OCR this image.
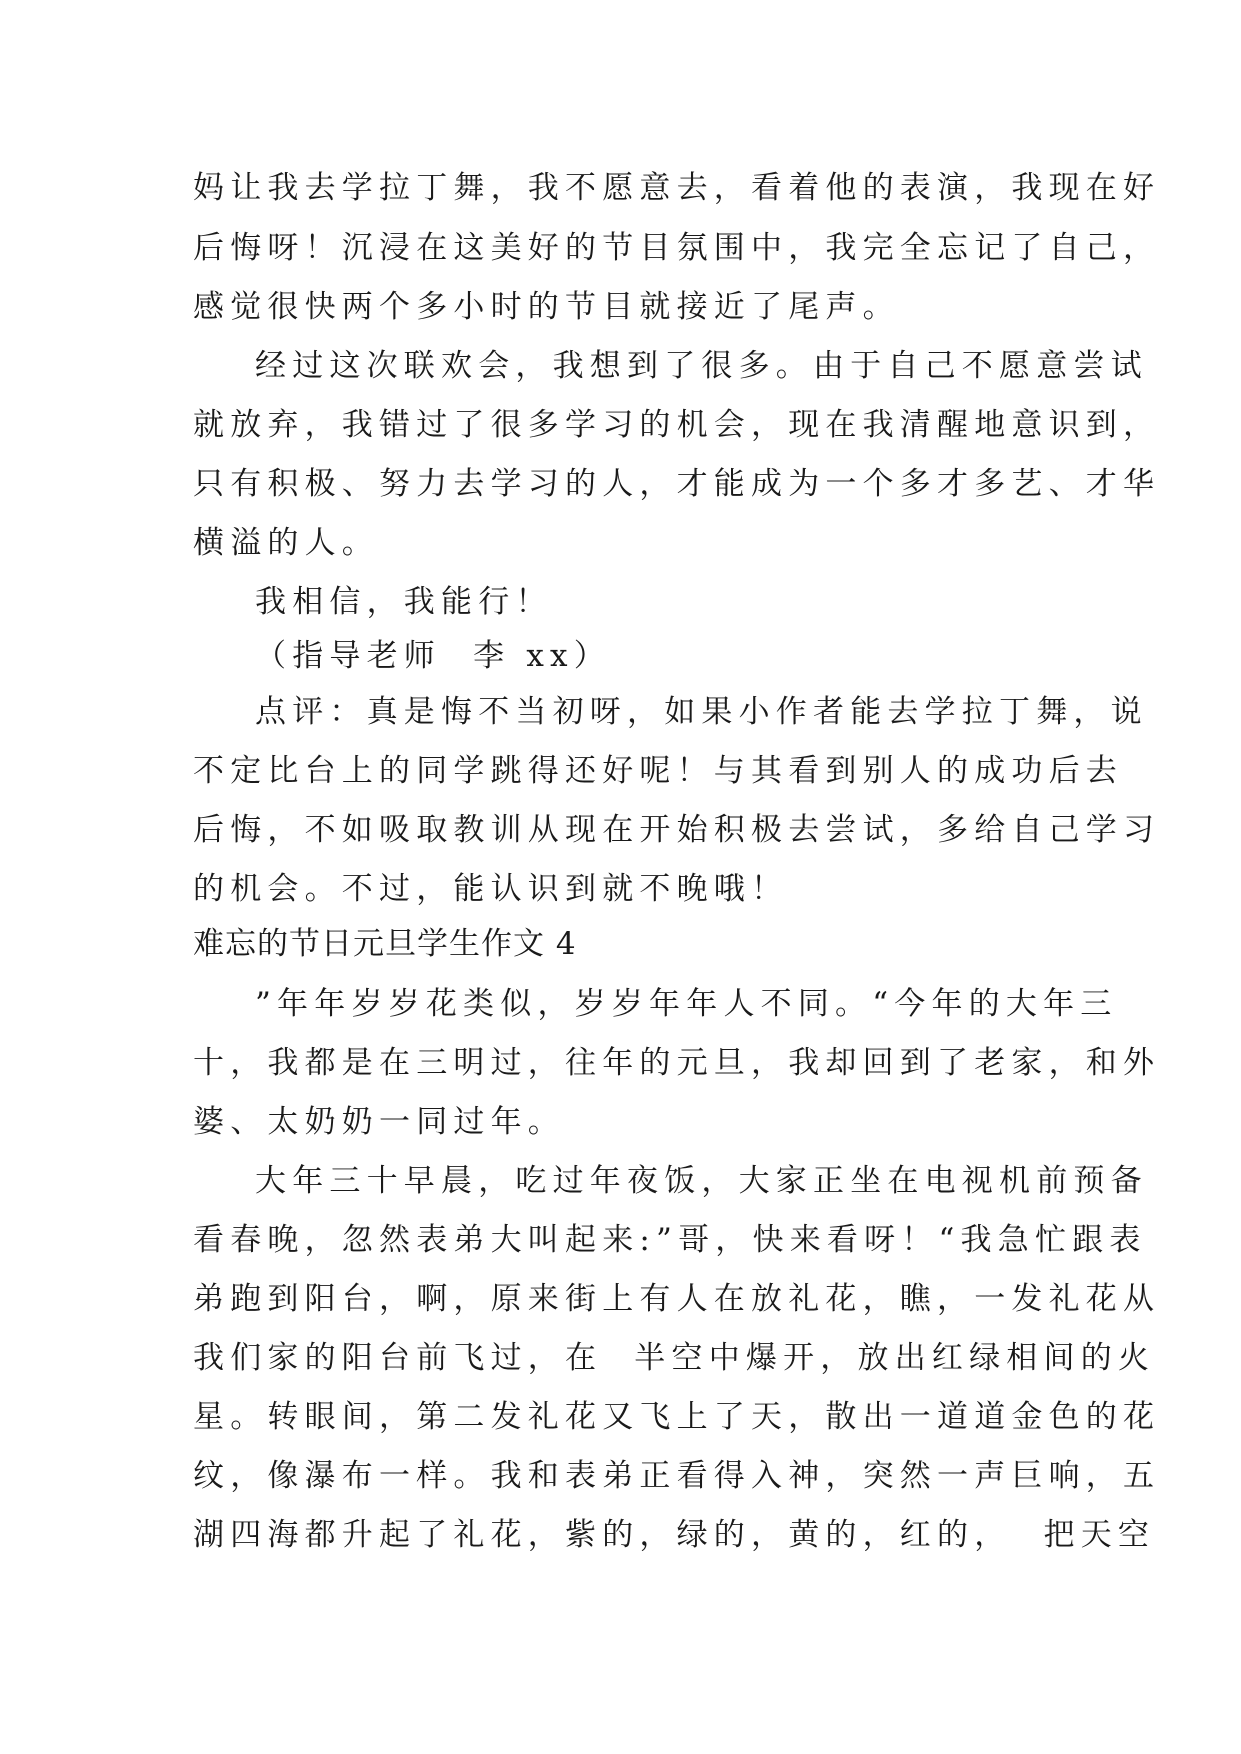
妈让我去学拉丁舞，我不愿意去，看着他的表演，我现在好
后悔呀！沉浸在这美好的节目氛围中，我完全忘记了自己，
感觉很快两个多小时的节目就接近了尾声。
经过这次联欢会，我想到了很多。由于自己不愿意尝试
就放弃，我错过了很多学习的机会，现在我清醒地意识到，
只有积极、努力去学习的人，才能成为一个多才多艺、才华
横溢的人。
我相信，我能行！
（指导老师  李 xx）
点评：真是悔不当初呀，如果小作者能去学拉丁舞，说
不定比台上的同学跳得还好呢！与其看到别人的成功后去
后悔，不如吸取教训从现在开始积极去尝试，多给自己学习
的机会。不过，能认识到就不晚哦！
难忘的节日元旦学生作文 4
”年年岁岁花类似，岁岁年年人不同。“今年的大年三
十，我都是在三明过，往年的元旦，我却回到了老家，和外
婆、太奶奶一同过年。
大年三十早晨，吃过年夜饭，大家正坐在电视机前预备
看春晚，忽然表弟大叫起来:”哥，快来看呀！“我急忙跟表
弟跑到阳台，啊，原来街上有人在放礼花，瞧，一发礼花从
我们家的阳台前飞过，在  半空中爆开，放出红绿相间的火
星。转眼间，第二发礼花又飞上了天，散出一道道金色的花
纹，像瀑布一样。我和表弟正看得入神，突然一声巨响，五
湖四海都升起了礼花，紫的，绿的，黄的，红的，  把天空
